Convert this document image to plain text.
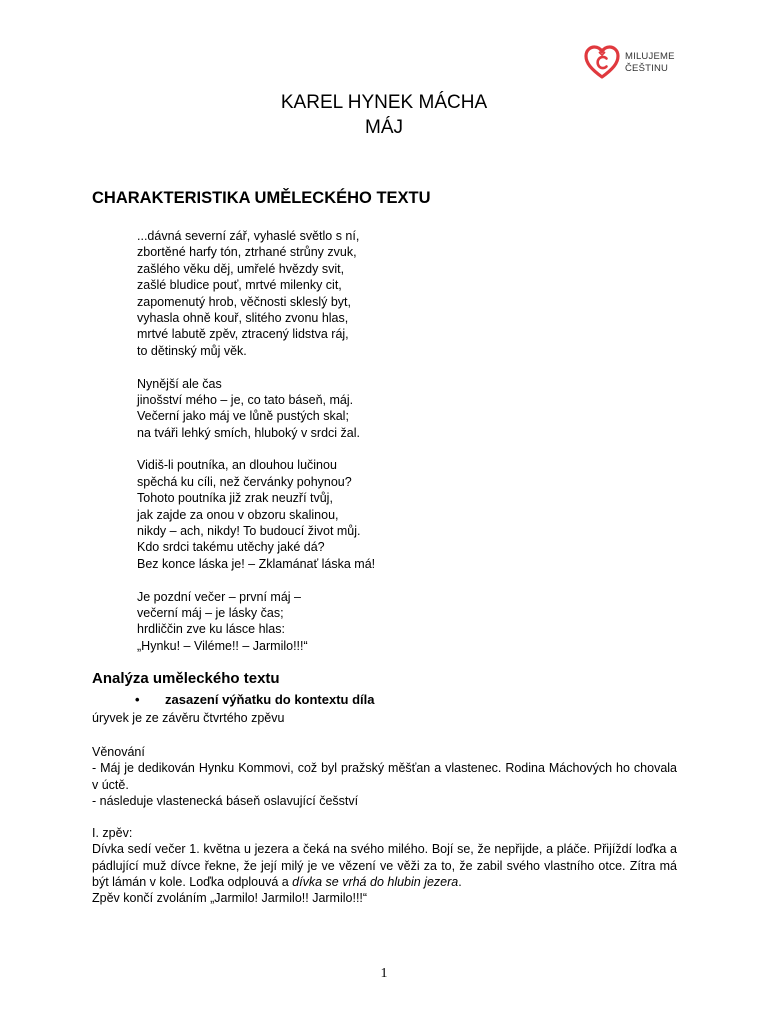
MILUJEME
ČEŠTINU
KAREL HYNEK MÁCHA
MÁJ
CHARAKTERISTIKA UMĚLECKÉHO TEXTU
...dávná severní zář, vyhaslé světlo s ní,
zbortěné harfy tón, ztrhané strůny zvuk,
zašlého věku děj, umřelé hvězdy svit,
zašlé bludice pouť, mrtvé milenky cit,
zapomenutý hrob, věčnosti skleslý byt,
vyhasla ohně kouř, slitého zvonu hlas,
mrtvé labutě zpěv, ztracený lidstva ráj,
to dětinský můj věk.
Nynější ale čas
jinošství mého – je, co tato báseň, máj.
Večerní jako máj ve lůně pustých skal;
na tváři lehký smích, hluboký v srdci žal.
Vidiš-li poutníka, an dlouhou lučinou
spěchá ku cíli, než červánky pohynou?
Tohoto poutníka již zrak neuzří tvůj,
jak zajde za onou v obzoru skalinou,
nikdy – ach, nikdy! To budoucí život můj.
Kdo srdci takému utěchy jaké dá?
Bez konce láska je! – Zklamánať láska má!
Je pozdní večer – první máj –
večerní máj – je lásky čas;
hrdliččin zve ku lásce hlas:
„Hynku! – Viléme!! – Jarmilo!!!“
Analýza uměleckého textu
• zasazení výňatku do kontextu díla
úryvek je ze závěru čtvrtého zpěvu
Věnování
- Máj je dedikován Hynku Kommovi, což byl pražský měšťan a vlastenec. Rodina Máchových ho chovala v úctě.
- následuje vlastenecká báseň oslavující češství
I. zpěv:
Dívka sedí večer 1. května u jezera a čeká na svého milého. Bojí se, že nepřijde, a pláče. Přijíždí loďka a pádlující muž dívce řekne, že její milý je ve vězení ve věži za to, že zabil svého vlastního otce. Zítra má být lámán v kole. Loďka odplouvá a dívka se vrhá do hlubin jezera.
Zpěv končí zvoláním „Jarmilo! Jarmilo!! Jarmilo!!!“
1
